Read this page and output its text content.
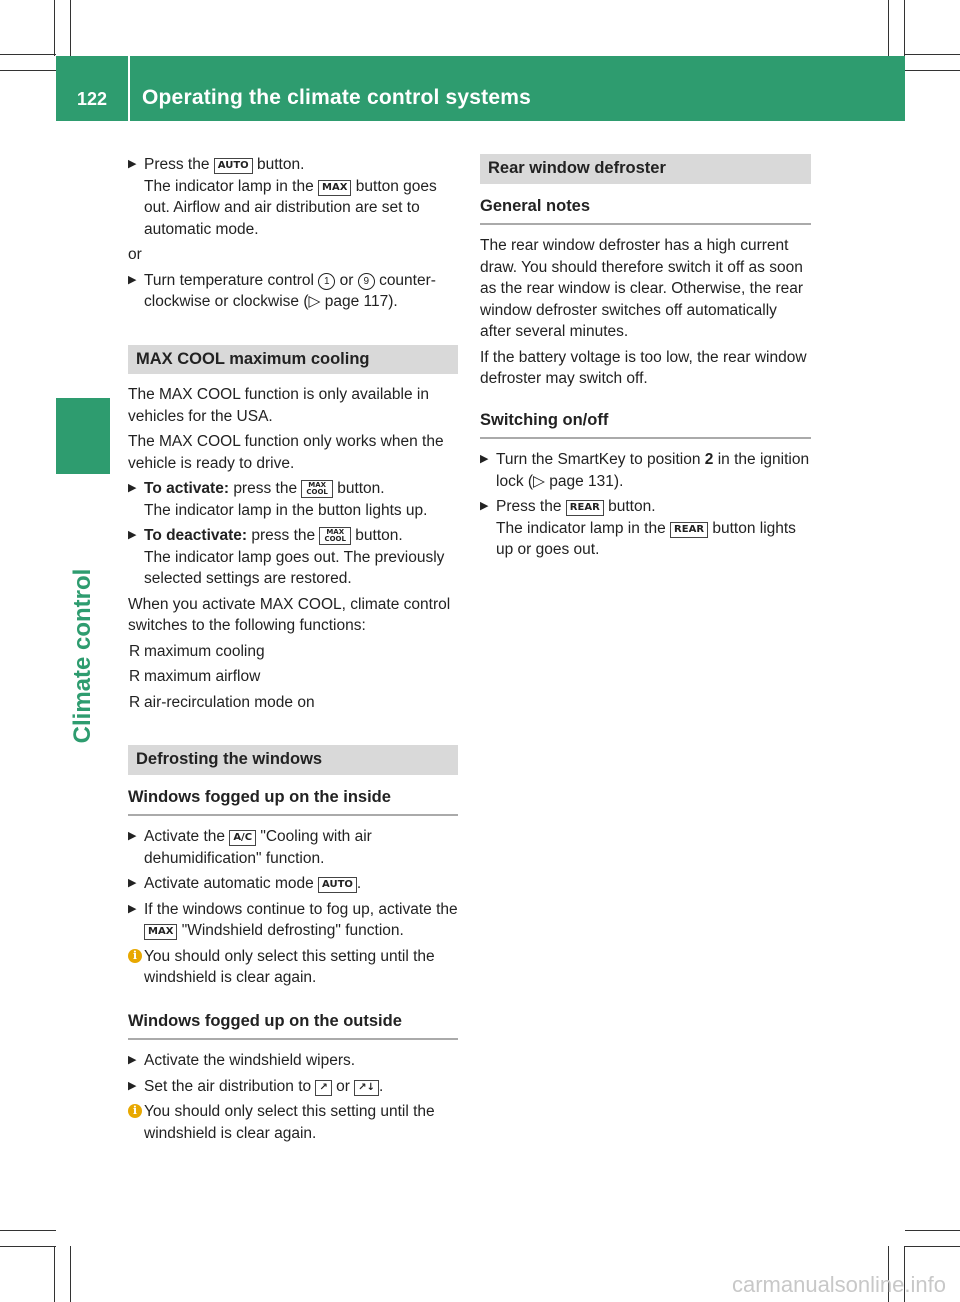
122	Operating the climate control systems
Climate control
▶ Press the AUTO button.
The indicator lamp in the MAX button goes out. Airflow and air distribution are set to automatic mode.
or
▶ Turn temperature control 1 or 9 counter-clockwise or clockwise (▷ page 117).
MAX COOL maximum cooling
The MAX COOL function is only available in vehicles for the USA.
The MAX COOL function only works when the vehicle is ready to drive.
▶ To activate: press the MAX
COOL button.
The indicator lamp in the button lights up.
▶ To deactivate: press the MAX
COOL button.
The indicator lamp goes out. The previously selected settings are restored.
When you activate MAX COOL, climate control switches to the following functions:
R maximum cooling
R maximum airflow
R air-recirculation mode on
Defrosting the windows
Windows fogged up on the inside
▶ Activate the A/C "Cooling with air dehumidification" function.
▶ Activate automatic mode AUTO .
▶ If the windows continue to fog up, activate the MAX "Windshield defrosting" function.
i You should only select this setting until the windshield is clear again.
Windows fogged up on the outside
▶ Activate the windshield wipers.
▶ Set the air distribution to ↗ or ↗↓ .
i You should only select this setting until the windshield is clear again.
Rear window defroster
General notes
The rear window defroster has a high current draw. You should therefore switch it off as soon as the rear window is clear. Otherwise, the rear window defroster switches off automatically after several minutes.
If the battery voltage is too low, the rear window defroster may switch off.
Switching on/off
▶ Turn the SmartKey to position 2 in the ignition lock (▷ page 131).
▶ Press the REAR button.
The indicator lamp in the REAR button lights up or goes out.
carmanualsonline.info
